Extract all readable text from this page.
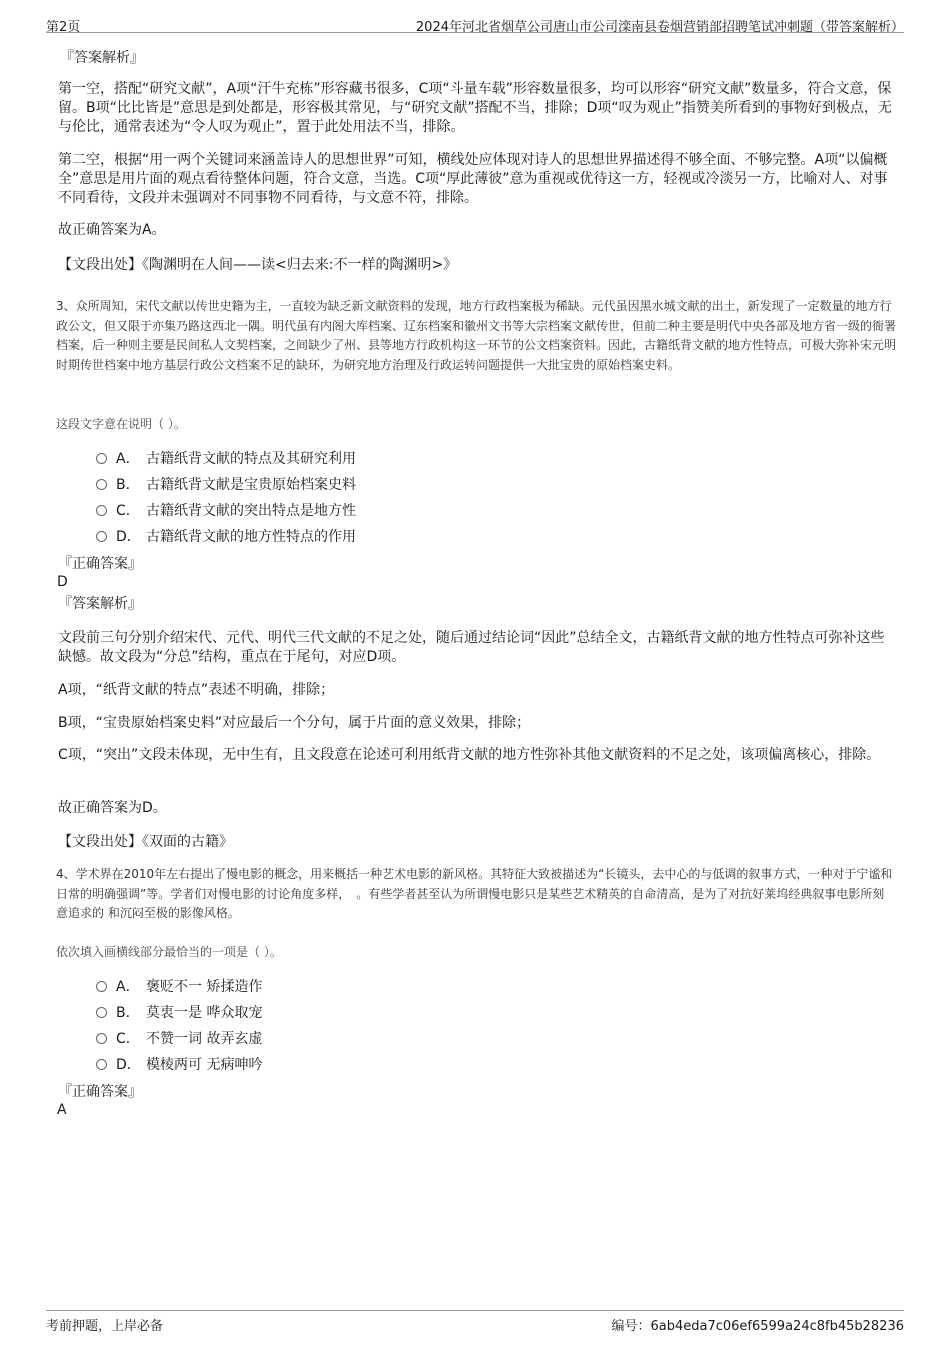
第2页	2024年河北省烟草公司唐山市公司滦南县卷烟营销部招聘笔试冲刺题（带答案解析）
『答案解析』

第一空，搭配“研究文献”，A项“汗牛充栋”形容藏书很多，C项“斗量车载”形容数量很多，均可以形容“研究文献”数量多，符合文意，保留。B项“比比皆是”意思是到处都是，形容极其常见，与“研究文献”搭配不当，排除；D项“叹为观止”指赞美所看到的事物好到极点，无与伦比，通常表述为“令人叹为观止”，置于此处用法不当，排除。

第二空，根据“用一两个关键词来涵盖诗人的思想世界”可知，横线处应体现对诗人的思想世界描述得不够全面、不够完整。A项“以偏概全”意思是用片面的观点看待整体问题，符合文意，当选。C项“厚此薄彼”意为重视或优待这一方，轻视或冷淡另一方，比喻对人、对事不同看待，文段并未强调对不同事物不同看待，与文意不符，排除。

故正确答案为A。
【文段出处】《陶渊明在人间——读<归去来:不一样的陶渊明>》

3、众所周知，宋代文献以传世史籍为主，一直较为缺乏新文献资料的发现，地方行政档案极为稀缺。元代虽因黑水城文献的出土，新发现了一定数量的地方行政公文，但又限于亦集乃路这西北一隅。明代虽有内阁大库档案、辽东档案和徽州文书等大宗档案文献传世，但前二种主要是明代中央各部及地方省一级的衙署档案，后一种则主要是民间私人文契档案，之间缺少了州、县等地方行政机构这一环节的公文档案资料。因此，古籍纸背文献的地方性特点，可极大弥补宋元明时期传世档案中地方基层行政公文档案不足的缺环，为研究地方治理及行政运转问题提供一大批宝贵的原始档案史料。

这段文字意在说明（ ）。
A． 古籍纸背文献的特点及其研究利用
B． 古籍纸背文献是宝贵原始档案史料
C． 古籍纸背文献的突出特点是地方性
D． 古籍纸背文献的地方性特点的作用
『正确答案』
D
『答案解析』

文段前三句分别介绍宋代、元代、明代三代文献的不足之处，随后通过结论词“因此”总结全文，古籍纸背文献的地方性特点可弥补这些缺憾。故文段为“分总”结构，重点在于尾句，对应D项。

A项，“纸背文献的特点”表述不明确，排除；
B项，“宝贵原始档案史料”对应最后一个分句，属于片面的意义效果，排除；

C项，“突出”文段未体现，无中生有，且文段意在论述可利用纸背文献的地方性弥补其他文献资料的不足之处，该项偏离核心，排除。

故正确答案为D。
【文段出处】《双面的古籍》

4、学术界在2010年左右提出了慢电影的概念，用来概括一种艺术电影的新风格。其特征大致被描述为“长镜头，去中心的与低调的叙事方式，一种对于宁谧和日常的明确强调”等。学者们对慢电影的讨论角度多样，　。有些学者甚至认为所谓慢电影只是某些艺术精英的自命清高，是为了对抗好莱坞经典叙事电影所刻意追求的 和沉闷至极的影像风格。

依次填入画横线部分最恰当的一项是（ ）。
A． 褒贬不一 矫揉造作
B． 莫衷一是 哗众取宠
C． 不赞一词 故弄玄虚
D． 模棱两可 无病呻吟
『正确答案』
A
考前押题，上岸必备	编号：6ab4eda7c06ef6599a24c8fb45b28236
